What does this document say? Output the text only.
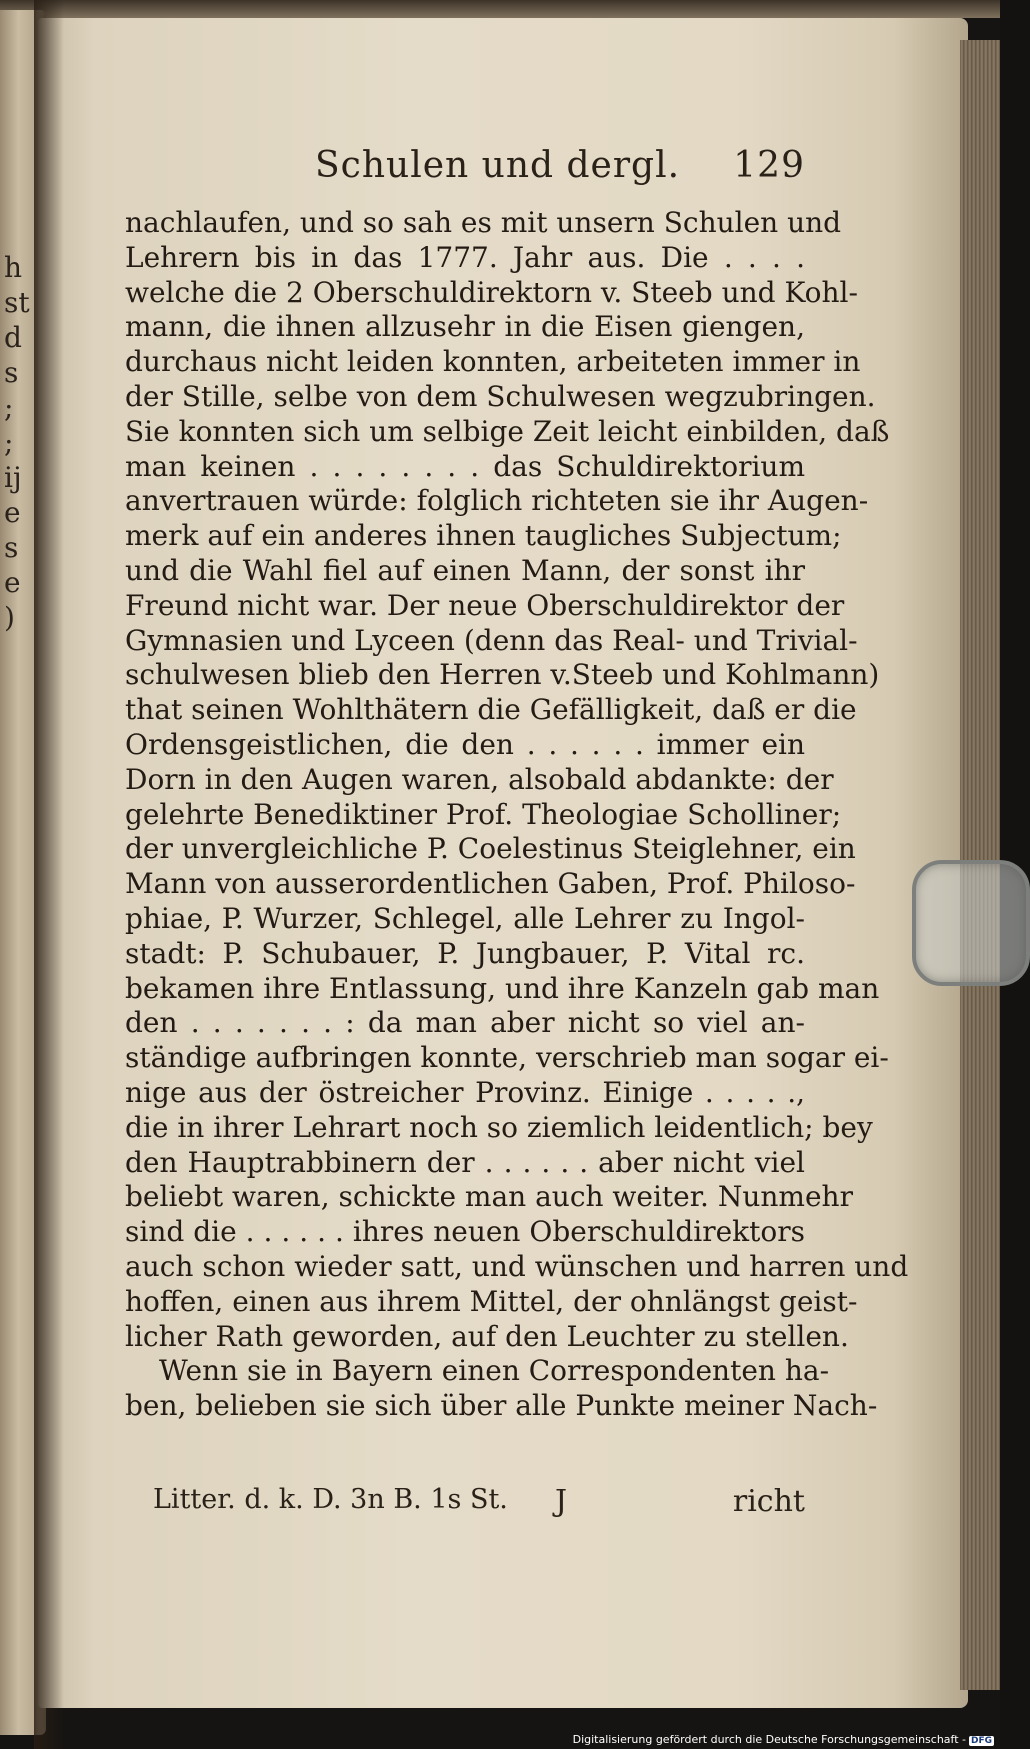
h
st
d
s
;
;
ij
e
s
e
)
Schulen und dergl. 129
nachlaufen, und so sah es mit unsern Schulen und
Lehrern bis in das 1777. Jahr aus. Die . . . .
welche die 2 Oberschuldirektorn v. Steeb und Kohl-
mann, die ihnen allzusehr in die Eisen giengen,
durchaus nicht leiden konnten, arbeiteten immer in
der Stille, selbe von dem Schulwesen wegzubringen.
Sie konnten sich um selbige Zeit leicht einbilden, daß
man keinen . . . . . . . . das Schuldirektorium
anvertrauen würde: folglich richteten sie ihr Augen-
merk auf ein anderes ihnen taugliches Subjectum;
und die Wahl fiel auf einen Mann, der sonst ihr
Freund nicht war. Der neue Oberschuldirektor der
Gymnasien und Lyceen (denn das Real- und Trivial-
schulwesen blieb den Herren v.Steeb und Kohlmann)
that seinen Wohlthätern die Gefälligkeit, daß er die
Ordensgeistlichen, die den . . . . . . immer ein
Dorn in den Augen waren, alsobald abdankte: der
gelehrte Benediktiner Prof. Theologiae Scholliner;
der unvergleichliche P. Coelestinus Steiglehner, ein
Mann von ausserordentlichen Gaben, Prof. Philoso-
phiae, P. Wurzer, Schlegel, alle Lehrer zu Ingol-
stadt: P. Schubauer, P. Jungbauer, P. Vital rc.
bekamen ihre Entlassung, und ihre Kanzeln gab man
den . . . . . . . : da man aber nicht so viel an-
ständige aufbringen konnte, verschrieb man sogar ei-
nige aus der östreicher Provinz. Einige . . . . .,
die in ihrer Lehrart noch so ziemlich leidentlich; bey
den Hauptrabbinern der . . . . . . aber nicht viel
beliebt waren, schickte man auch weiter. Nunmehr
sind die . . . . . . ihres neuen Oberschuldirektors
auch schon wieder satt, und wünschen und harren und
hoffen, einen aus ihrem Mittel, der ohnlängst geist-
licher Rath geworden, auf den Leuchter zu stellen.
Wenn sie in Bayern einen Correspondenten ha-
ben, belieben sie sich über alle Punkte meiner Nach-
Litter. d. k. D. 3n B. 1s St. J	richt
Digitalisierung gefördert durch die Deutsche Forschungsgemeinschaft - DFG
